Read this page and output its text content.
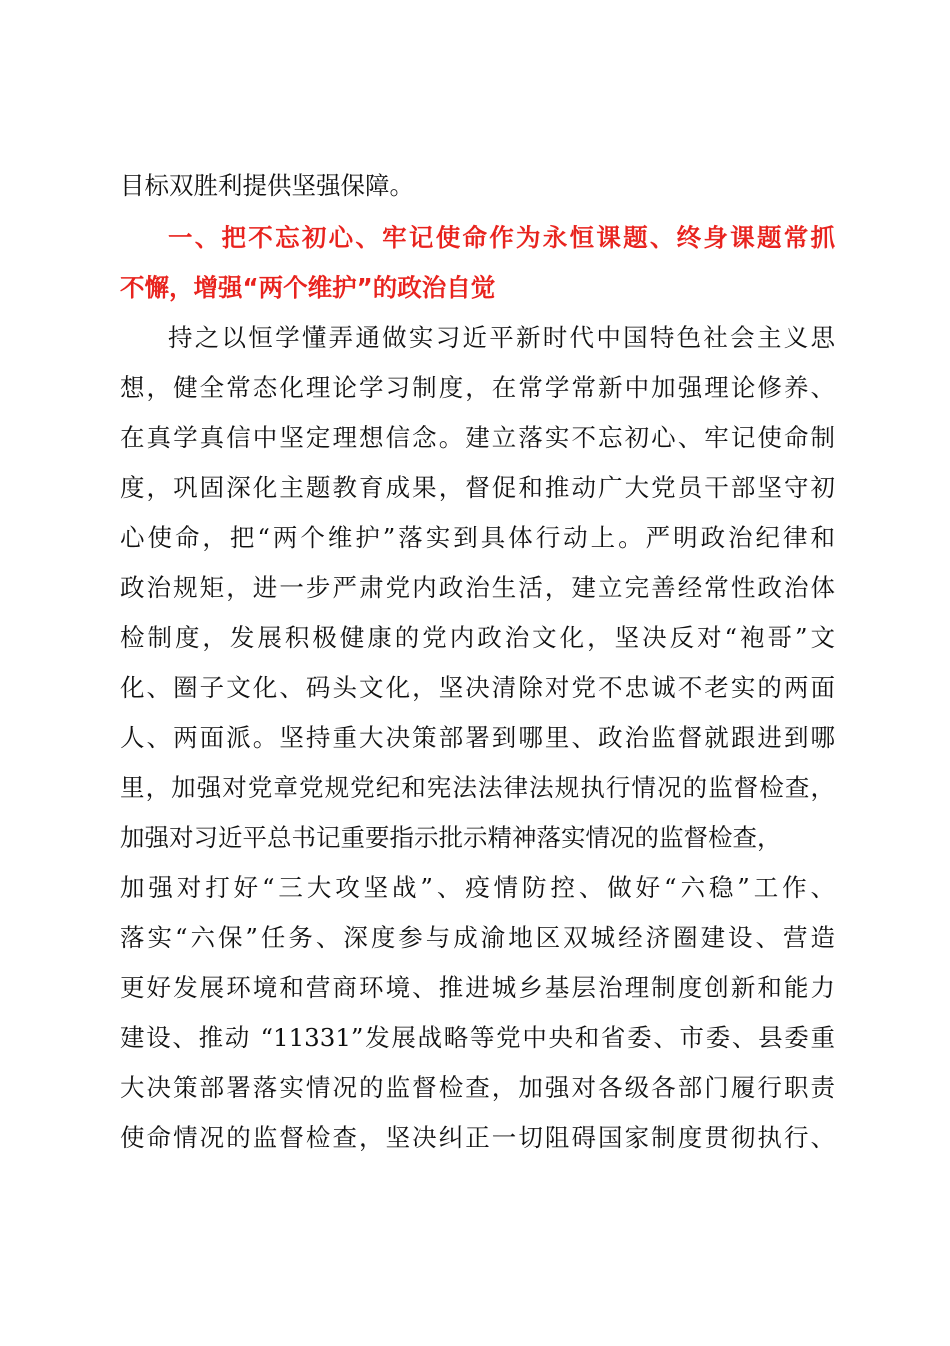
目标双胜利提供坚强保障。
一、把不忘初心、牢记使命作为永恒课题、终身课题常抓
不懈，增强“两个维护”的政治自觉
持之以恒学懂弄通做实习近平新时代中国特色社会主义思
想，健全常态化理论学习制度，在常学常新中加强理论修养、
在真学真信中坚定理想信念。建立落实不忘初心、牢记使命制
度，巩固深化主题教育成果，督促和推动广大党员干部坚守初
心使命，把“两个维护”落实到具体行动上。严明政治纪律和
政治规矩，进一步严肃党内政治生活，建立完善经常性政治体
检制度，发展积极健康的党内政治文化，坚决反对“袍哥”文
化、圈子文化、码头文化，坚决清除对党不忠诚不老实的两面
人、两面派。坚持重大决策部署到哪里、政治监督就跟进到哪
里，加强对党章党规党纪和宪法法律法规执行情况的监督检查，
加强对习近平总书记重要指示批示精神落实情况的监督检查，
加强对打好“三大攻坚战”、疫情防控、做好“六稳”工作、
落实“六保”任务、深度参与成渝地区双城经济圈建设、营造
更好发展环境和营商环境、推进城乡基层治理制度创新和能力
建设、推动 “11331”发展战略等党中央和省委、市委、县委重
大决策部署落实情况的监督检查，加强对各级各部门履行职责
使命情况的监督检查，坚决纠正一切阻碍国家制度贯彻执行、
